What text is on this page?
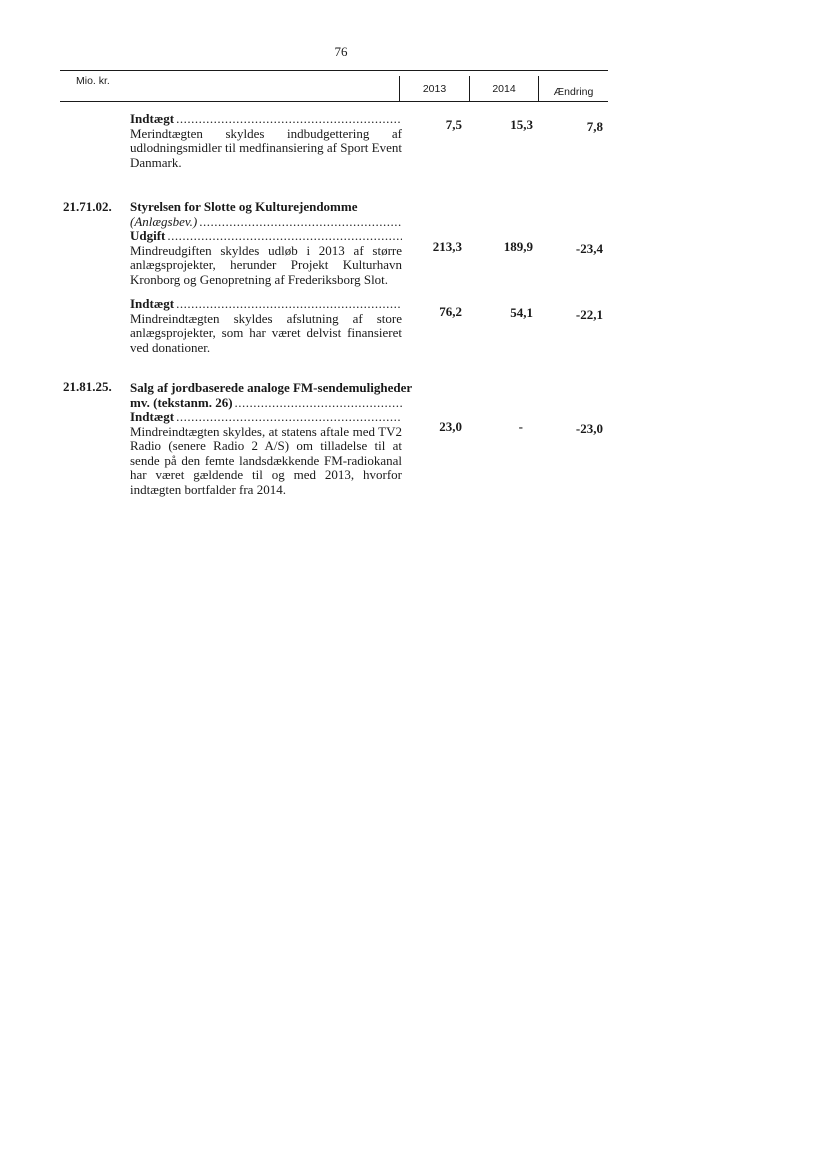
76
Mio. kr.
2013	2014	Ændring
Indtægt
.....
Merindtægten skyldes indbudgettering af udlodningsmidler til medfinansiering af Sport Event Danmark.
7,5	15,3	7,8
21.71.02. Styrelsen for Slotte og Kulturejendomme
(Anlægsbev.)
.....
Udgift
.....
Mindreudgiften skyldes udløb i 2013 af større anlægsprojekter, herunder Projekt Kulturhavn Kronborg og Genopretning af Frederiksborg Slot.
213,3	189,9	-23,4
Indtægt
.....
Mindreindtægten skyldes afslutning af store anlægsprojekter, som har været delvist finansieret ved donationer.
76,2	54,1	-22,1
21.81.25. Salg af jordbaserede analoge FM-sendemuligheder
mv. (tekstanm. 26)
.....
Indtægt
.....
Mindreindtægten skyldes, at statens aftale med TV2 Radio (senere Radio 2 A/S) om tilladelse til at sende på den femte landsdækkende FM-radiokanal har været gældende til og med 2013, hvorfor indtægten bortfalder fra 2014.
23,0	-	-23,0
